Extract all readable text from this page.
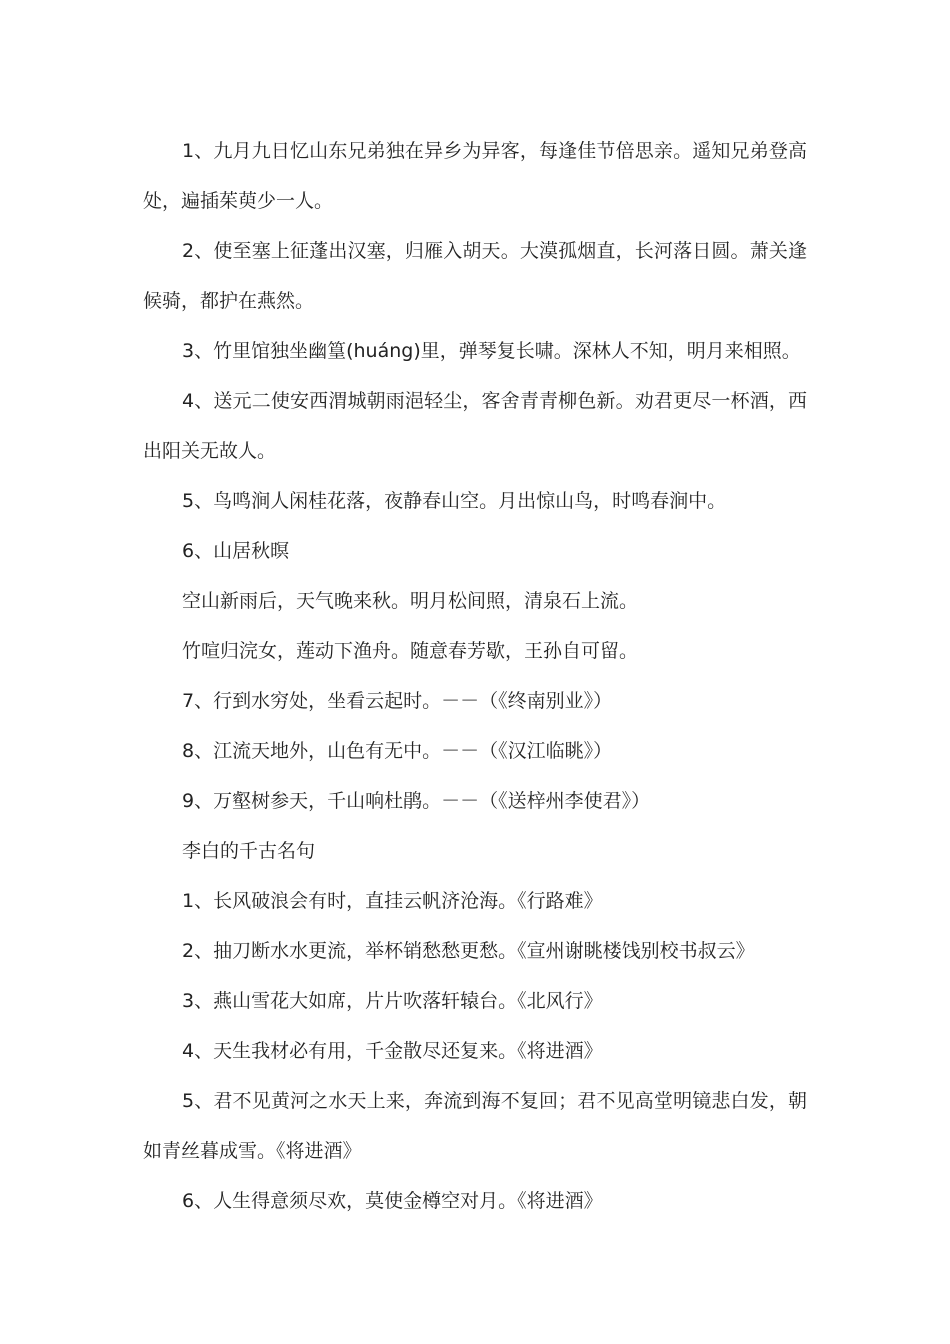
1、九月九日忆山东兄弟独在异乡为异客，每逢佳节倍思亲。遥知兄弟登高处，遍插茱萸少一人。

2、使至塞上征蓬出汉塞，归雁入胡天。大漠孤烟直，长河落日圆。萧关逢候骑，都护在燕然。

3、竹里馆独坐幽篁(huáng)里，弹琴复长啸。深林人不知，明月来相照。

4、送元二使安西渭城朝雨浥轻尘，客舍青青柳色新。劝君更尽一杯酒，西出阳关无故人。

5、鸟鸣涧人闲桂花落，夜静春山空。月出惊山鸟，时鸣春涧中。

6、山居秋暝

空山新雨后，天气晚来秋。明月松间照，清泉石上流。

竹喧归浣女，莲动下渔舟。随意春芳歇，王孙自可留。

7、行到水穷处，坐看云起时。－－（《终南别业》）

8、江流天地外，山色有无中。－－（《汉江临眺》）

9、万壑树参天，千山响杜鹃。－－（《送梓州李使君》）

李白的千古名句

1、长风破浪会有时，直挂云帆济沧海。《行路难》

2、抽刀断水水更流，举杯销愁愁更愁。《宣州谢眺楼饯别校书叔云》

3、燕山雪花大如席，片片吹落轩辕台。《北风行》

4、天生我材必有用，千金散尽还复来。《将进酒》

5、君不见黄河之水天上来，奔流到海不复回；君不见高堂明镜悲白发，朝如青丝暮成雪。《将进酒》

6、人生得意须尽欢，莫使金樽空对月。《将进酒》
